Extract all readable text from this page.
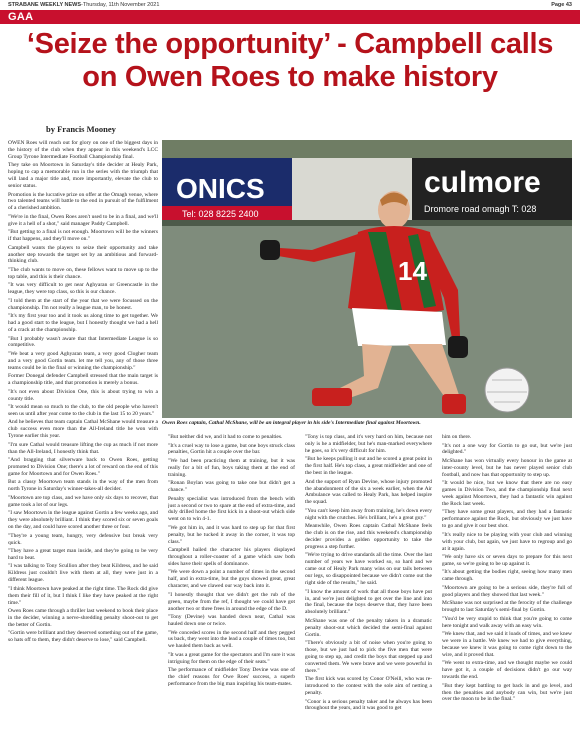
STRABANE WEEKLY NEWS-Thursday, 11th November 2021	Page 43
GAA
‘Seize the opportunity’ - Campbell calls on Owen Roes to make history
by Francis Mooney

OWEN Roes will reach out for glory on one of the biggest days in the history of the club when they appear in this weekend's LCC Group Tyrone Intermediate Football Championship final.

They take on Moortown in Saturday's title decider at Healy Park, hoping to cap a memorable run in the series with the triumph that will land a major title and, more importantly, elevate the club to senior status.

Promotion is the lucrative prize on offer at the Omagh venue, where two talented teams will battle to the end in pursuit of the fulfilment of a cherished ambition.

"We're in the final, Owen Roes aren't used to be in a final, and we'll give it a hell of a shot," said manager Paddy Campbell.

"But getting to a final is not enough. Moortown will be the winners if that happens, and they'll move on."

Campbell wants the players to seize their opportunity and take another step towards the target set by an ambitious and forward-thinking club.

"The club wants to move on, these fellows want to move up to the top table, and this is their chance.

"It was very difficult to get near Aghyaran or Greencastle in the league, they were top class, so this is our chance.

"I told them at the start of the year that we were focussed on the championship. I'm not really a league man, to be honest.

"It's my first year too and it took us along time to get together. We had a good start to the league, but I honestly thought we had a hell of a crack at the championship.

"But I probably wasn't aware that that Intermediate League is so competitive.

"We beat a very good Aghyaran team, a very good Clogher team and a very good Gortin team. let me tell you, any of those three teams could be in the final or winning the championship."

Former Donegal defender Campbell stressed that the main target is a championship title, and that promotion is merely a bonus.

"It's not even about Division One, this is about trying to win a county title.

"It would mean so much to the club, to the old people who haven't seen us until after year come to the club in the last 15 to 20 years."

And he believes that team captain Cathal McShane would treasure a club success even more than the All-Ireland title he won with Tyrone earlier this year.

"I'm sure Cathal would treasure lifting the cup as much if not more than the All-Ireland, I honestly think that.

"And bragging that silverware back to Owen Roes, getting promoted to Division One; there's a lot of reward on the end of this game for Moortown and for Owen Roes."

But a classy Moortown team stands in the way of the men from north Tyrone in Saturday's winner-takes-all decider.

"Moortown are top class, and we have only six days to recover, that game took a lot of our legs.

"I saw Moortown in the league against Gortin a few weeks ago, and they were absolutely brilliant. I think they scored six or seven goals on the day, and could have scored another three or four.

"They're a young team, hungry, very defensive but break very quick.

"They have a great target man inside, and they're going to be very hard to beat.

"I was talking to Tony Scullion after they beat Kildress, and he said Kildress just couldn't live with them at all, they were just in a different league.

"I think Moortown have peaked at the right time. The Rock did give them their fill of it, but I think I like they have peaked at the right time."

Owen Roes came through a thriller last weekend to book their place in the decider, winning a nerve-shredding penalty shoot-out to get the better of Gortin.

"Gortin were brilliant and they deserved something out of the game, so hats off to them, they didn't deserve to lose," said Campbell.

ONICS
Tel: 028 8225 2400
culmore
Dromore road omagh T: 028
14
Owen Roes captain, Cathal McShane, will be an integral player in his side's Intermediate final against Moortown.

"But neither did we, and it had to come to penalties.

"It's a cruel way to lose a game, but one boys struck class penalties, Gortin hit a couple over the bar.

"We had been practicing them at training, but it was really for a bit of fun, boys taking them at the end of training.

"Ronan Boylan was going to take one but didn't get a chance."

Penalty specialist was introduced from the bench with just a second or two to spare at the end of extra-time, and duly drilled home the first kick in a shoot-out which side went on to win 4-1.

"We got him in, and it was hard to step up for that first penalty, but he tucked it away in the corner, it was top class."

Campbell hailed the character his players displayed throughout a roller-coaster of a game which saw both sides have their spells of dominance.

"We were down a point a number of times in the second half, and in extra-time, but the guys showed great, great character, and we clawed our way back into it.

"I honestly thought that we didn't get the rub of the green, maybe from the ref, I thought we could have got another two or three frees in around the edge of the D.

"Tony (Devine) was handed down near, Cathal was hauled down one or twice.

"We conceded scores in the second half and they pegged us back, they went into the lead a couple of times too, but we hauled them back as well.

"It was a great game for the spectators and I'm sure it was intriguing for them on the edge of their seats."

The performance of midfielder Tony Devine was one of the chief reasons for Owe Roes' success, a superb performance from the big man inspiring his team-mates.

"Tony is top class, and it's very hard on him, because not only is he a midfielder, but he's man-marked everywhere he goes, so it's very difficult for him.

"But he keeps pulling it out and he scored a great point in the first half. He's top class, a great midfielder and one of the best in the league.

And the support of Ryan Devine, whose injury promoted the abandonment of the six a week earlier, when the Air Ambulance was called to Healy Park, has helped inspire the squad.

"You can't keep him away from training, he's down every night with the crutches. He's brilliant, he's a great guy."

Meanwhile, Owen Roes captain Cathal McShane feels the club is on the rise, and this weekend's championship decider provides a golden opportunity to take the progress a step further.

"We're trying to drive standards all the time. Over the last number of years we have worked so, so hard and we came out of Healy Park many wins on our tails between our legs, so disappointed because we didn't come out the right side of the results," he said.

"I know the amount of work that all those boys have put in, and we're just delighted to get over the line and into the final, because the boys deserve that, they have been absolutely brilliant."

McShane was one of the penalty takers in a dramatic penalty shoot-out which decided the semi-final against Gortin.

"There's obviously a bit of noise when you're going to those, but we just had to pick the five men that were going to step up, and credit the boys that stepped up and converted them. We were brave and we were powerful in there."

The first kick was scored by Conor O'Neill, who was re-introduced to the contest with the sole aim of netting a penalty.

"Conor is a serious penalty taker and he always has been throughout the years, and it was good to get

him on there.

"It's not a one way for Gortin to go out, but we're just delighted."

McShane has won virtually every honour in the game at inter-county level, but he has never played senior club football, and now has that opportunity to step up.

"It would be nice, but we know that there are no easy games in Division Two, and the championship final next week against Moortown, they had a fantastic win against the Rock last week.

"They have some great players, and they had a fantastic performance against the Rock, but obviously we just have to go and give it our best shot.

"It's really nice to be playing with your club and winning with your club, but again, we just have to regroup and go at it again.

"We only have six or seven days to prepare for this next game, so we're going to be up against it.

"It's about getting the bodies right, seeing how many men came through.

"Moortown are going to be a serious side, they're full of good players and they showed that last week."

McShane was not surprised at the ferocity of the challenge brought to last Saturday's semi-final by Gortin.

"You'd be very stupid to think that you're going to come here tonight and walk away with an easy win.

"We knew that, and we said it loads of times, and we knew we were in a battle. We knew we had to give everything, because we knew it was going to come right down to the wire, and it proved that.

"We went to extra-time, and we thought maybe we could have got it, a couple of decisions didn't go our way towards the end.

"But they kept battling to get back in and go level, and then the penalties and anybody can win, but we're just over the moon to be in the final."
